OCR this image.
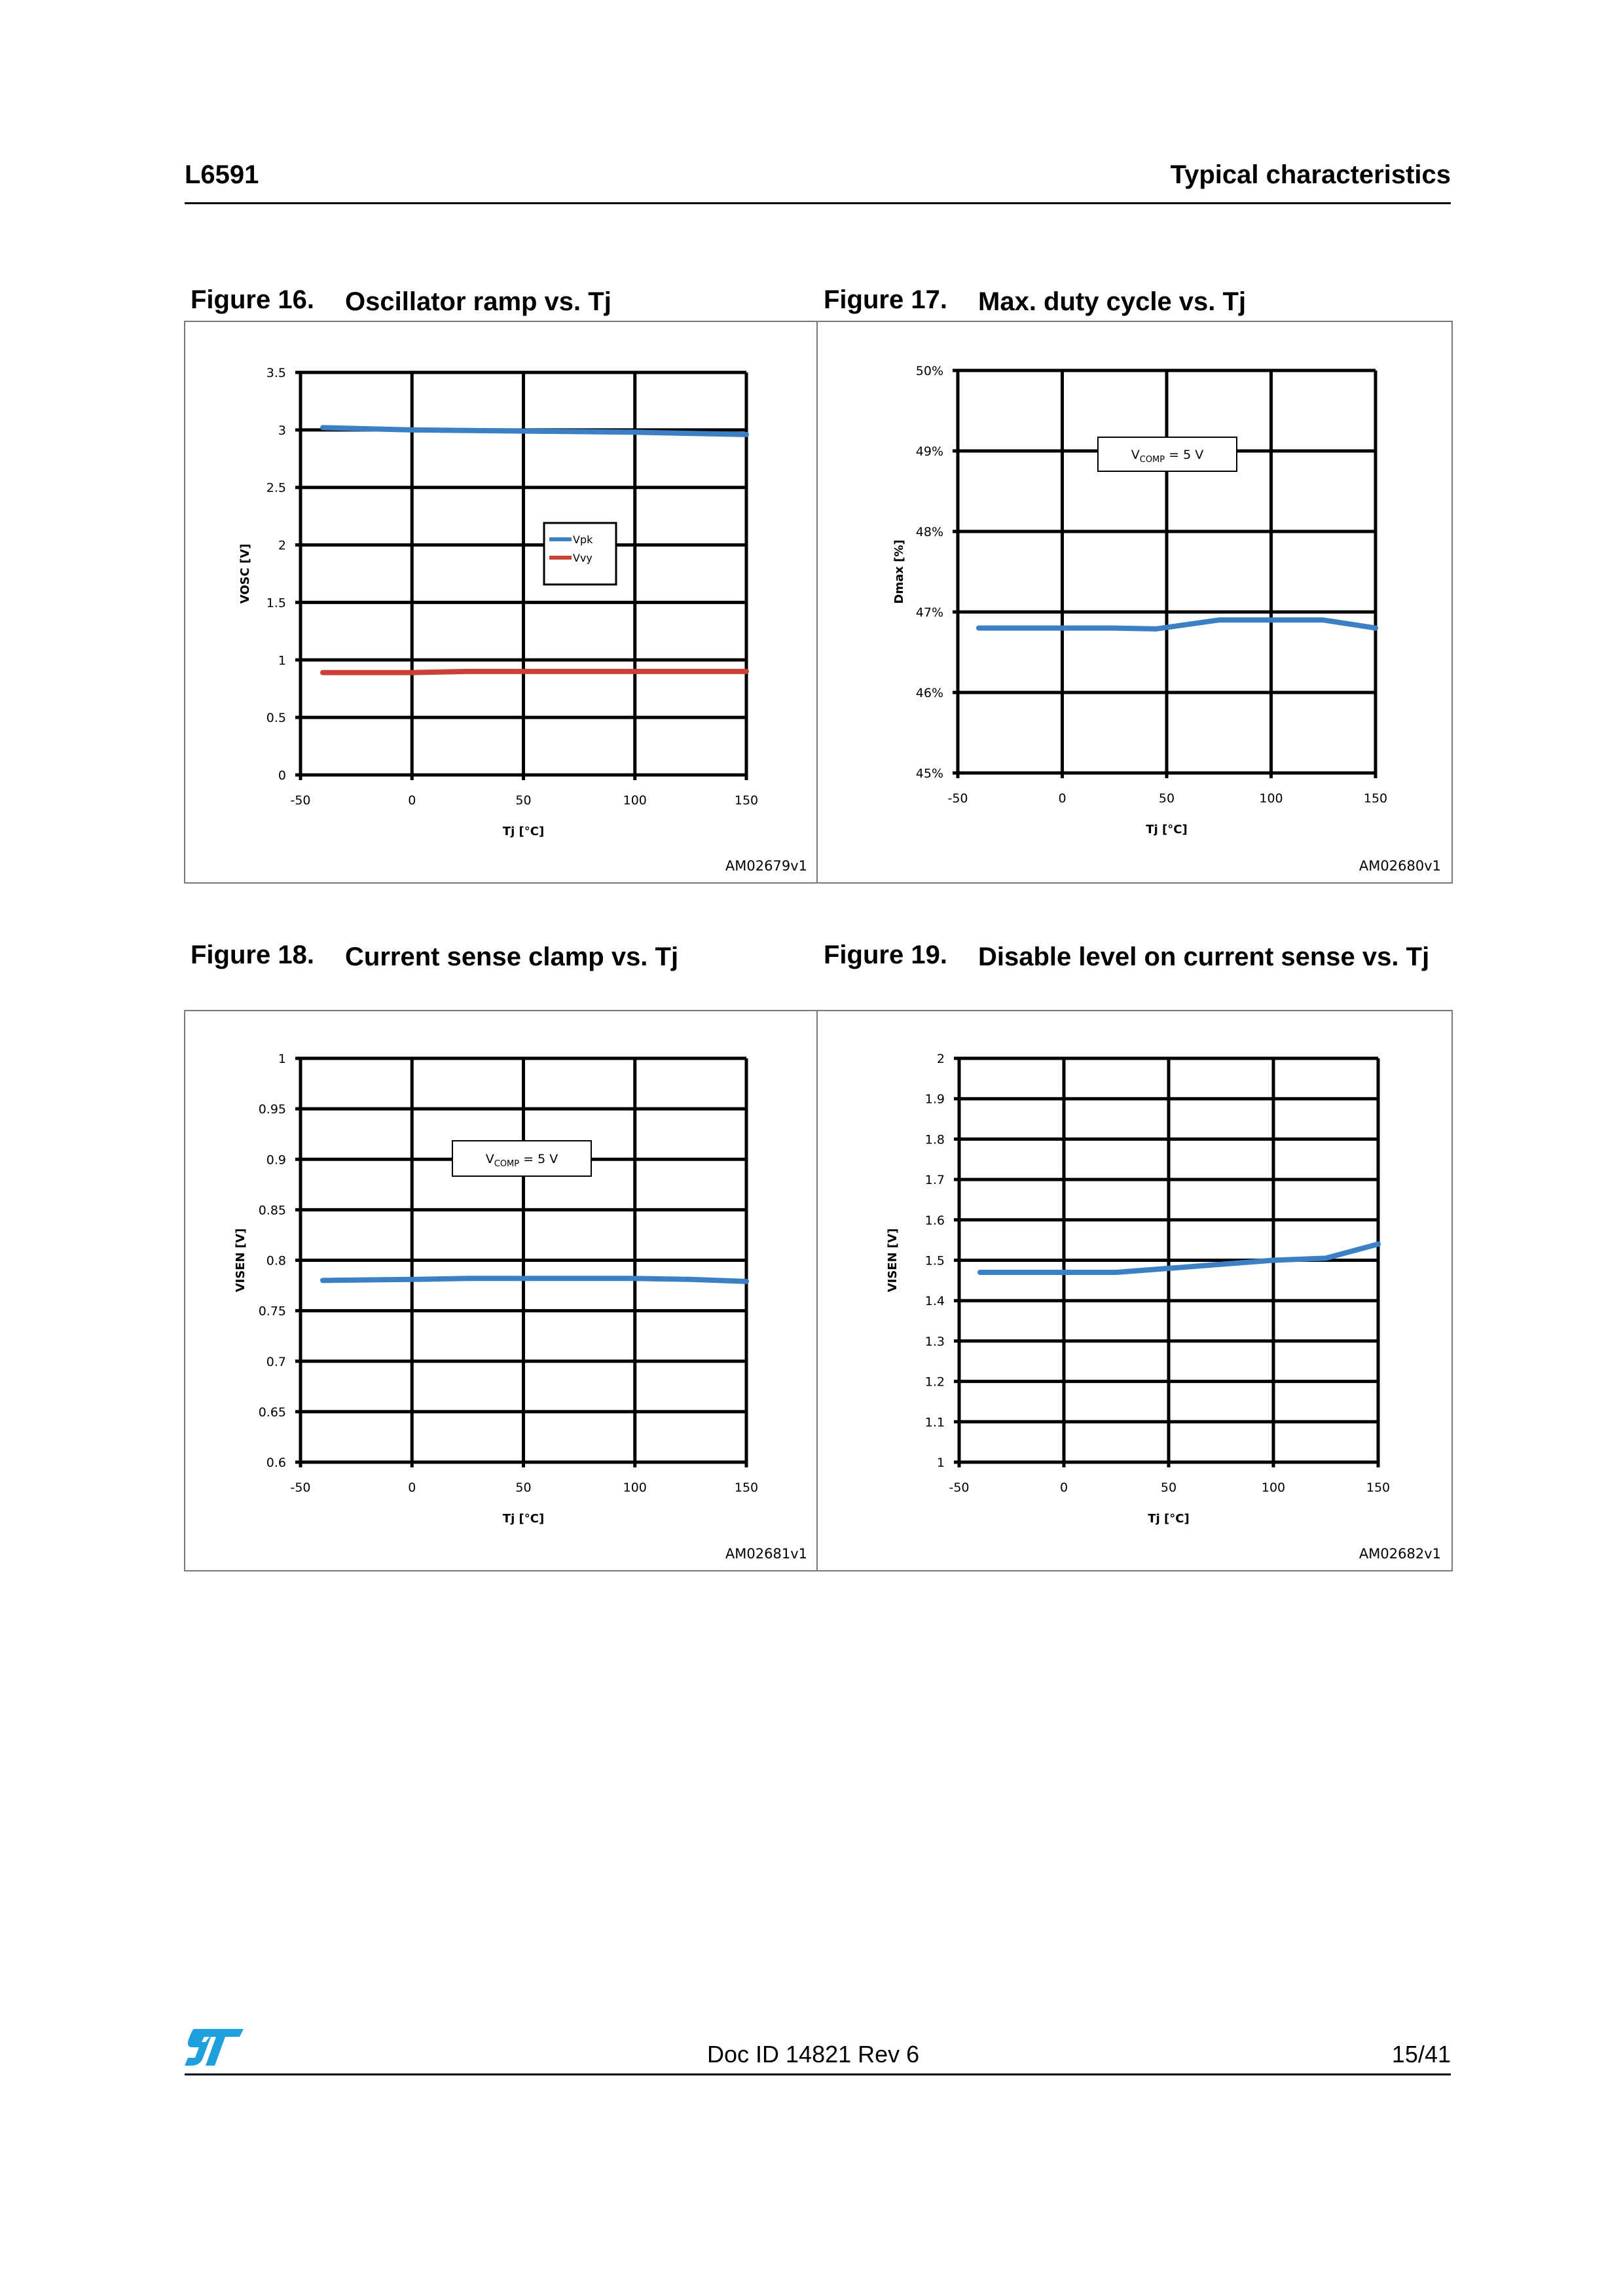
L6591	Typical characteristics
Figure 16. Oscillator ramp vs. Tj	Figure 17. Max. duty cycle vs. Tj
Figure 18. Current sense clamp vs. Tj	Figure 19. Disable level on current sense vs. Tj
0
0.5
1
1.5
2
2.5
3
3.5
-50	0	50	100	150
Tj [°C]
VOSC [V]
Vpk
Vvy
AM02679v1
45%
46%
47%
48%
49%
50%
-50	0	50	100	150
Tj [°C]
Dmax [%]
$V_{COMP} = 5$ V
AM02680v1
0.6
0.65
0.7
0.75
0.8
0.85
0.9
0.95
1
-50	0	50	100	150
Tj [°C]
VISEN [V]
$V_{COMP} = 5$ V
AM02681v1
1
1.1
1.2
1.3
1.4
1.5
1.6
1.7
1.8
1.9
2
-50	0	50	100	150
Tj [°C]
VISEN [V]
AM02682v1
Doc ID 14821 Rev 6	15/41
